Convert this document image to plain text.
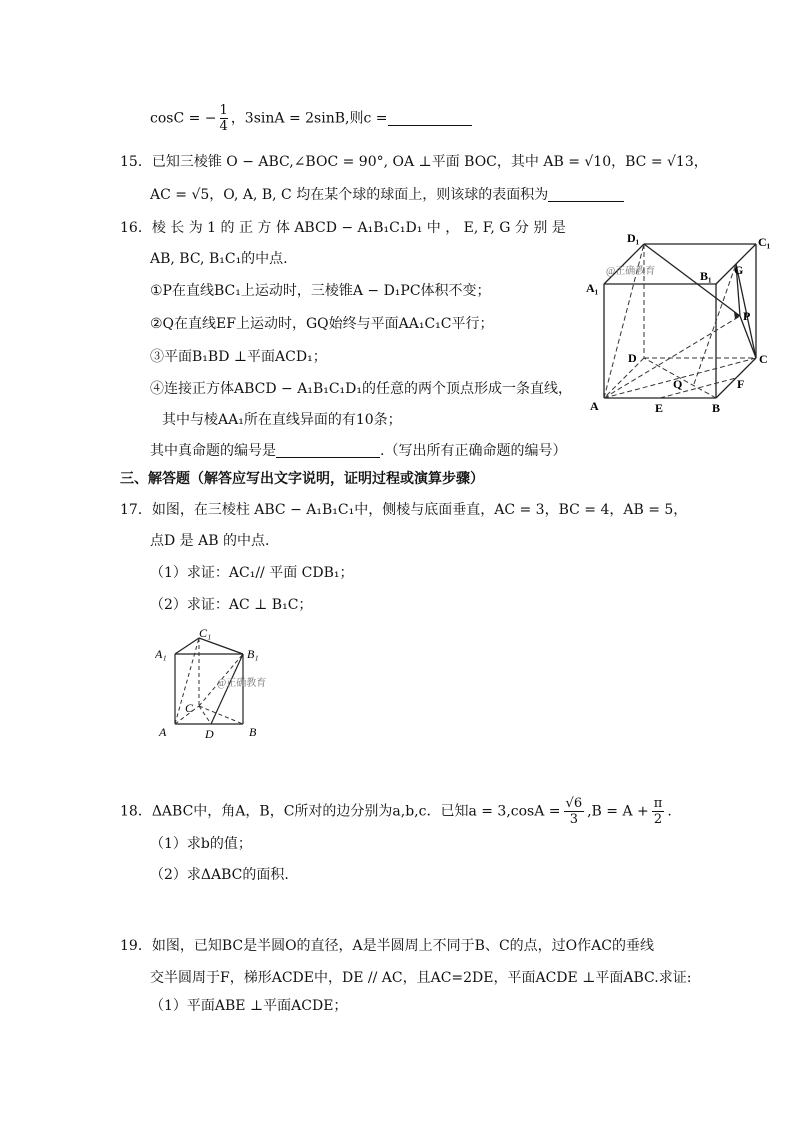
cosC = − $\frac{1}{4}$ ，3sinA = 2sinB,则c =
15．已知三棱锥 O − ABC,∠BOC = 90°, OA ⊥平面 BOC，其中 AB = √10，BC = √13，
AC = √5，O, A, B, C 均在某个球的球面上，则该球的表面积为
16．棱 长 为 1 的 正 方 体 ABCD − A₁B₁C₁D₁ 中 ， E, F, G 分 别 是
AB, BC, B₁C₁的中点.
①P在直线BC₁上运动时，三棱锥A − D₁PC体积不变；
②Q在直线EF上运动时，GQ始终与平面AA₁C₁C平行；
③平面B₁BD ⊥平面ACD₁；
④连接正方体ABCD − A₁B₁C₁D₁的任意的两个顶点形成一条直线，
其中与棱AA₁所在直线异面的有10条；
其中真命题的编号是	.（写出所有正确命题的编号）
@正确教育
D₁	C₁
B₁
A₁
G
P
D	C
Q	F
A	E	B
三、解答题（解答应写出文字说明，证明过程或演算步骤）
17．如图，在三棱柱 ABC − A₁B₁C₁中，侧棱与底面垂直，AC = 3，BC = 4，AB = 5，
点D 是 AB 的中点．
（1）求证：AC₁// 平面 CDB₁；
（2）求证：AC ⊥ B₁C；
@正确教育
C₁
A₁	B₁
C
A	D	B
18．ΔABC中，角A，B，C所对的边分别为a,b,c．已知$a = 3,\cos A = \frac{√6}{3} ,B = A + \frac{\pi}{2}$ .
（1）求b的值；
（2）求ΔABC的面积.
19．如图，已知BC是半圆O的直径，A是半圆周上不同于B、C的点，过O作AC的垂线
交半圆周于F，梯形ACDE中，DE // AC，且AC=2DE，平面ACDE ⊥平面ABC.求证:
（1）平面ABE ⊥平面ACDE；
